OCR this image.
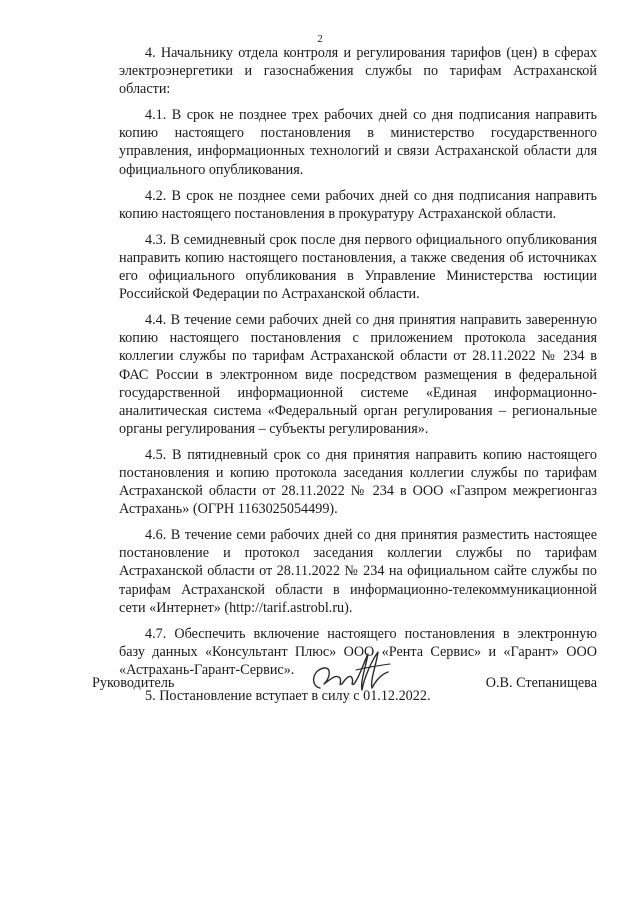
2

4. Начальнику отдела контроля и регулирования тарифов (цен) в сферах электроэнергетики и газоснабжения службы по тарифам Астраханской области:

4.1. В срок не позднее трех рабочих дней со дня подписания направить копию настоящего постановления в министерство государственного управления, информационных технологий и связи Астраханской области для официального опубликования.

4.2. В срок не позднее семи рабочих дней со дня подписания направить копию настоящего постановления в прокуратуру Астраханской области.

4.3. В семидневный срок после дня первого официального опубликования направить копию настоящего постановления, а также сведения об источниках его официального опубликования в Управление Министерства юстиции Российской Федерации по Астраханской области.

4.4. В течение семи рабочих дней со дня принятия направить заверенную копию настоящего постановления с приложением протокола заседания коллегии службы по тарифам Астраханской области от 28.11.2022 № 234 в ФАС России в электронном виде посредством размещения в федеральной государственной информационной системе «Единая информационно-аналитическая система «Федеральный орган регулирования – региональные органы регулирования – субъекты регулирования».

4.5. В пятидневный срок со дня принятия направить копию настоящего постановления и копию протокола заседания коллегии службы по тарифам Астраханской области от 28.11.2022 № 234 в ООО «Газпром межрегионгаз Астрахань» (ОГРН 1163025054499).

4.6. В течение семи рабочих дней со дня принятия разместить настоящее постановление и протокол заседания коллегии службы по тарифам Астраханской области от 28.11.2022 № 234 на официальном сайте службы по тарифам Астраханской области в информационно-телекоммуникационной сети «Интернет» (http://tarif.astrobl.ru).

4.7. Обеспечить включение настоящего постановления в электронную базу данных «Консультант Плюс» ООО «Рента Сервис» и «Гарант» ООО «Астрахань-Гарант-Сервис».

5. Постановление вступает в силу с 01.12.2022.

Руководитель	О.В. Степанищева
